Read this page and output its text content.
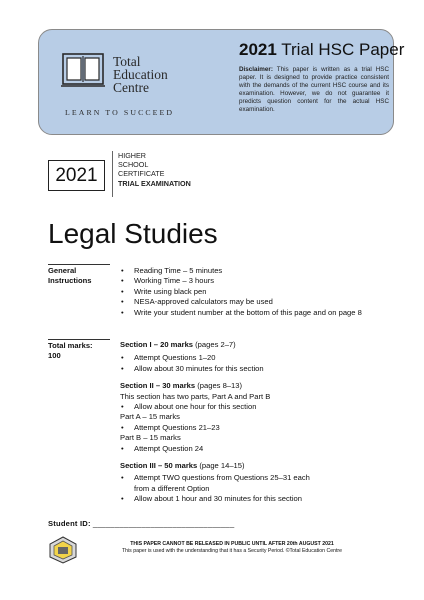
Total
Education
Centre
LEARN TO SUCCEED
2021 Trial HSC Paper
Disclaimer: This paper is written as a trial HSC paper. It is designed to provide practice consistent with the demands of the current HSC course and its examination. However, we do not guarantee it predicts question content for the actual HSC examination.
2021
HIGHER
SCHOOL
CERTIFICATE
TRIAL EXAMINATION
Legal Studies
General
Instructions
• Reading Time – 5 minutes
• Working Time – 3 hours
• Write using black pen
• NESA-approved calculators may be used
• Write your student number at the bottom of this page and on page 8
Total marks:
100
Section I – 20 marks (pages 2–7)
• Attempt Questions 1–20
• Allow about 30 minutes for this section
Section II – 30 marks (pages 8–13)
This section has two parts, Part A and Part B
• Allow about one hour for this section
Part A – 15 marks
• Attempt Questions 21–23
Part B – 15 marks
• Attempt Question 24
Section III – 50 marks (page 14–15)
• Attempt TWO questions from Questions 25–31 each from a different Option
• Allow about 1 hour and 30 minutes for this section
Student ID: ________________________________
THIS PAPER CANNOT BE RELEASED IN PUBLIC UNTIL AFTER 20th AUGUST 2021
This paper is used with the understanding that it has a Security Period. ©Total Education Centre
